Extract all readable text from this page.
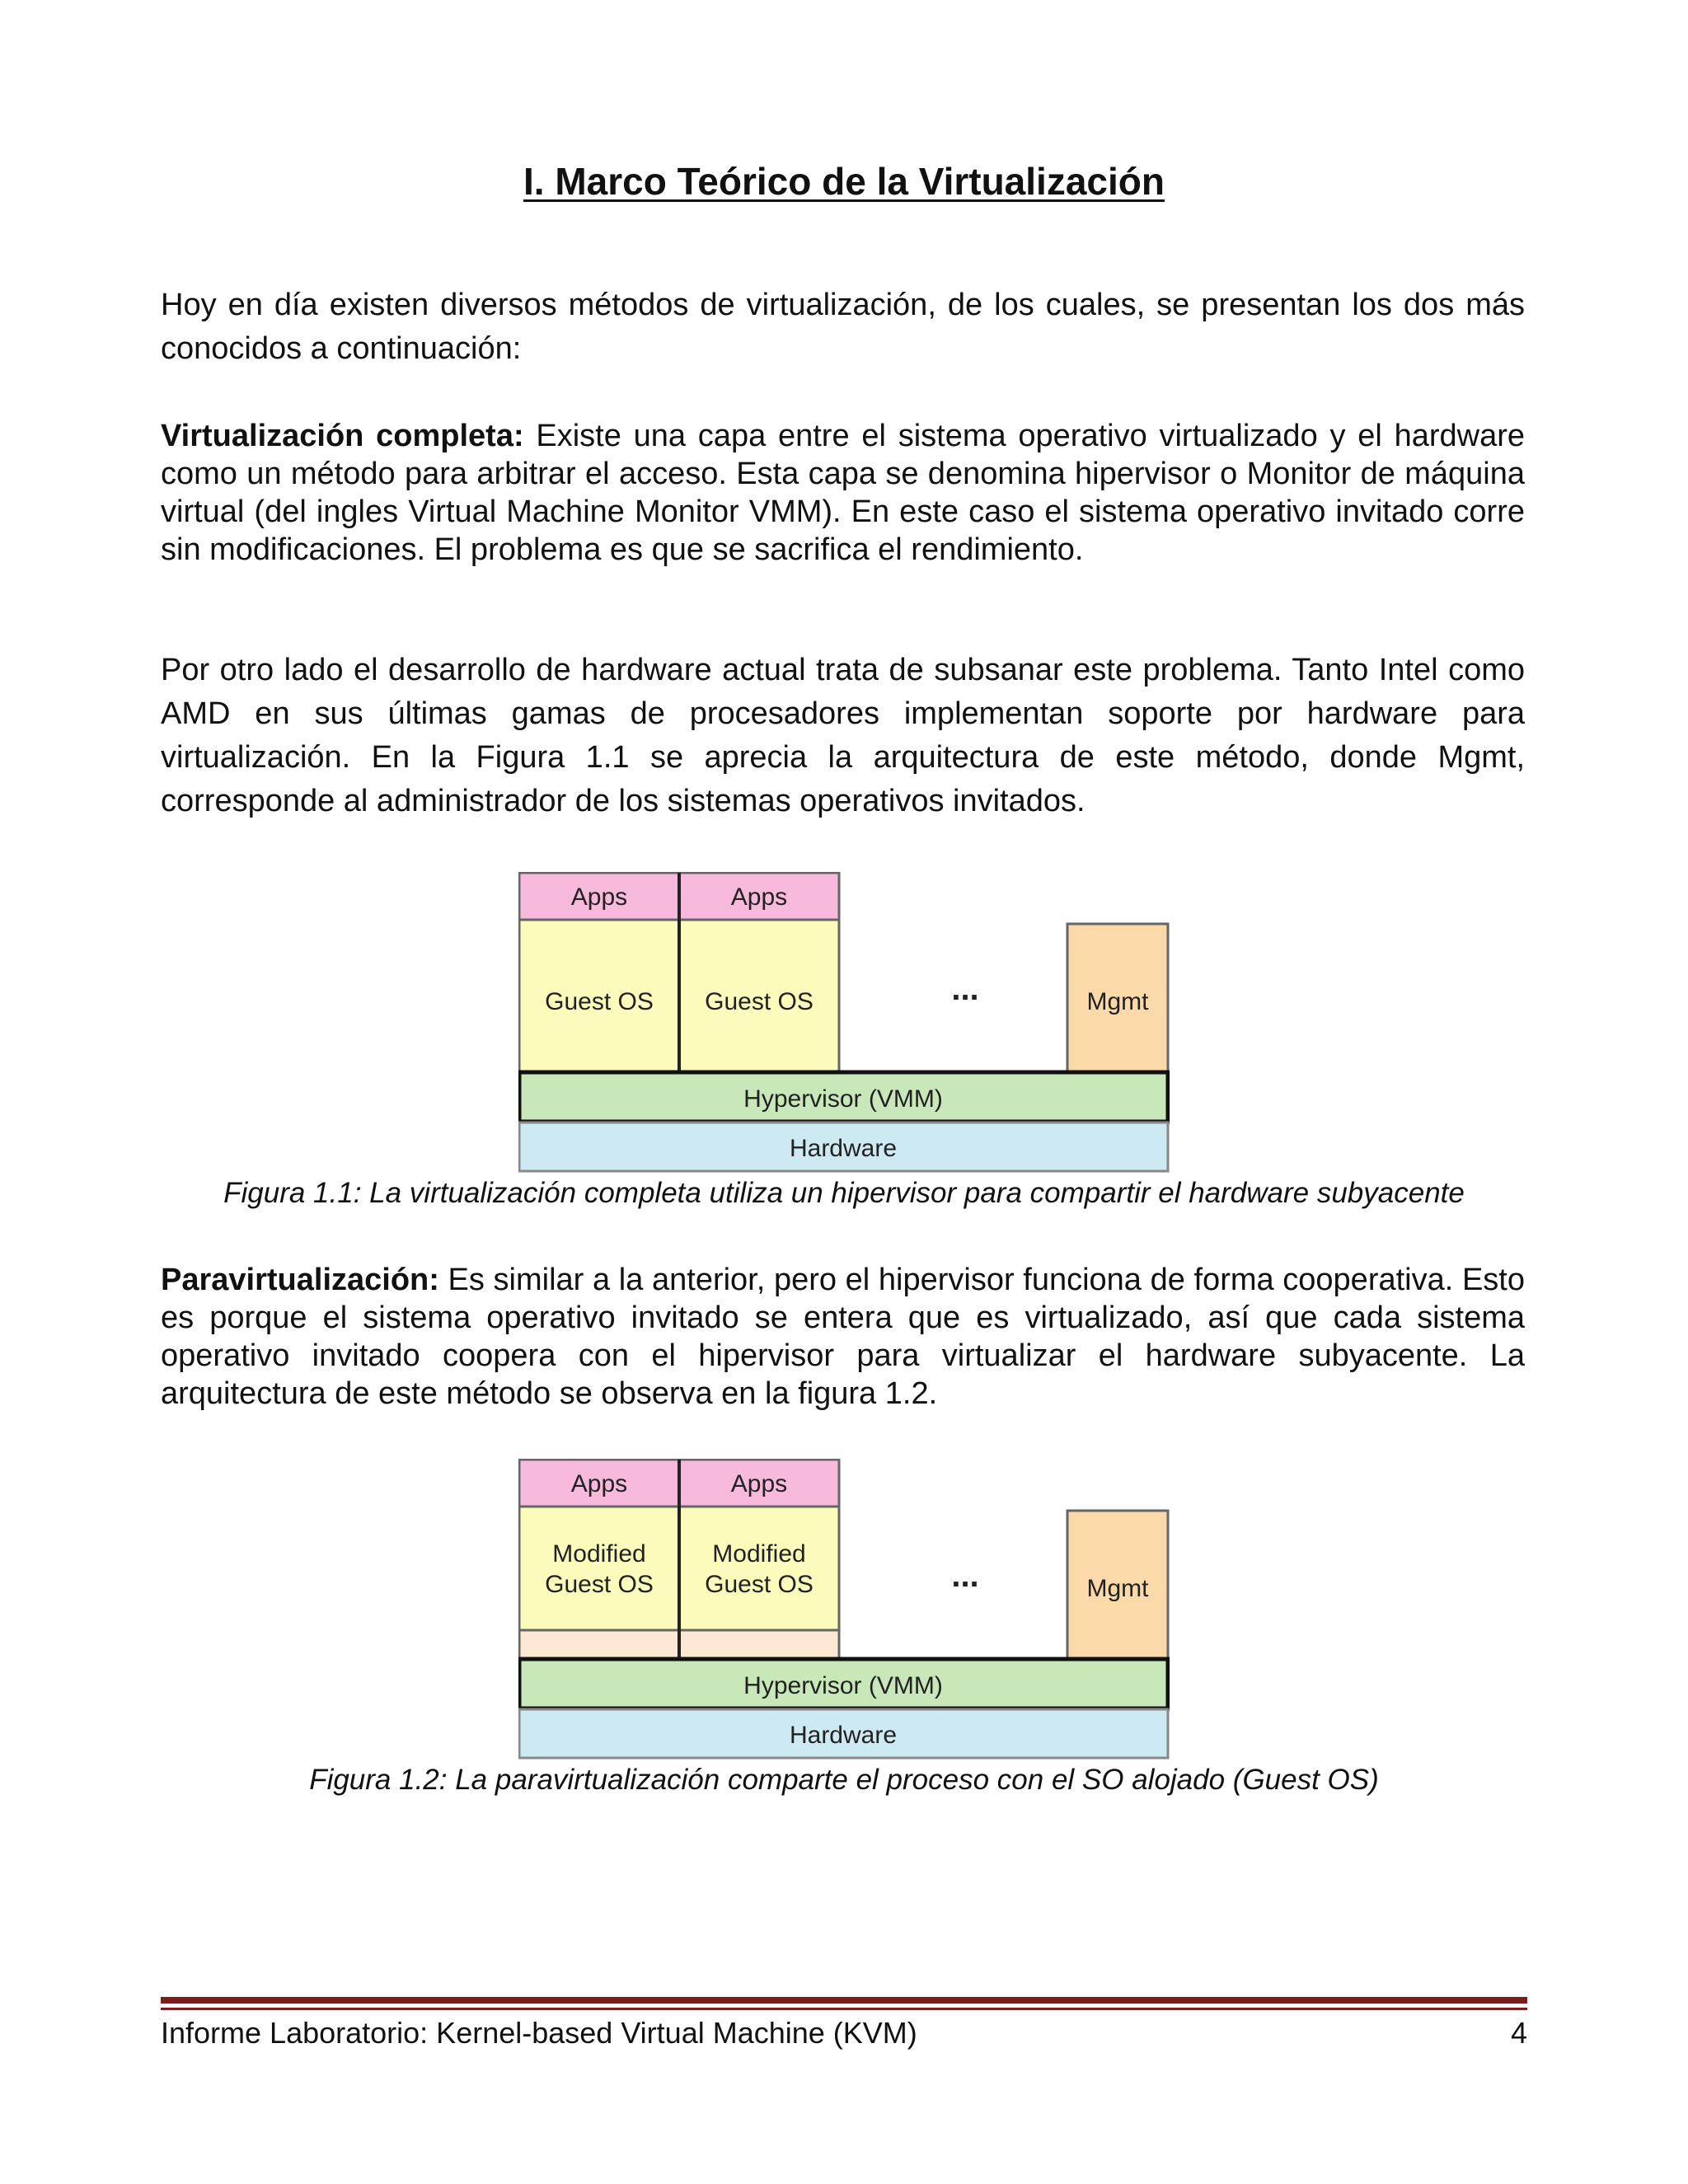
I. Marco Teórico de la Virtualización

Hoy en día existen diversos métodos de virtualización, de los cuales, se presentan los dos más conocidos a continuación:

Virtualización completa: Existe una capa entre el sistema operativo virtualizado y el hardware como un método para arbitrar el acceso. Esta capa se denomina hipervisor o Monitor de máquina virtual (del ingles Virtual Machine Monitor VMM). En este caso el sistema operativo invitado corre sin modificaciones. El problema es que se sacrifica el rendimiento.

Por otro lado el desarrollo de hardware actual trata de subsanar este problema. Tanto Intel como AMD en sus últimas gamas de procesadores implementan soporte por hardware para virtualización. En la Figura 1.1 se aprecia la arquitectura de este método, donde Mgmt, corresponde al administrador de los sistemas operativos invitados.

Apps	Apps
Guest OS Guest OS	...	Mgmt
Hypervisor (VMM)
Hardware

Figura 1.1: La virtualización completa utiliza un hipervisor para compartir el hardware subyacente

Paravirtualización: Es similar a la anterior, pero el hipervisor funciona de forma cooperativa. Esto es porque el sistema operativo invitado se entera que es virtualizado, así que cada sistema operativo invitado coopera con el hipervisor para virtualizar el hardware subyacente. La arquitectura de este método se observa en la figura 1.2.

Apps	Apps
Modified
Guest OS
Modified
Guest OS	...	Mgmt
Hypervisor (VMM)
Hardware

Figura 1.2: La paravirtualización comparte el proceso con el SO alojado (Guest OS)

Informe Laboratorio: Kernel-based Virtual Machine (KVM)	4
